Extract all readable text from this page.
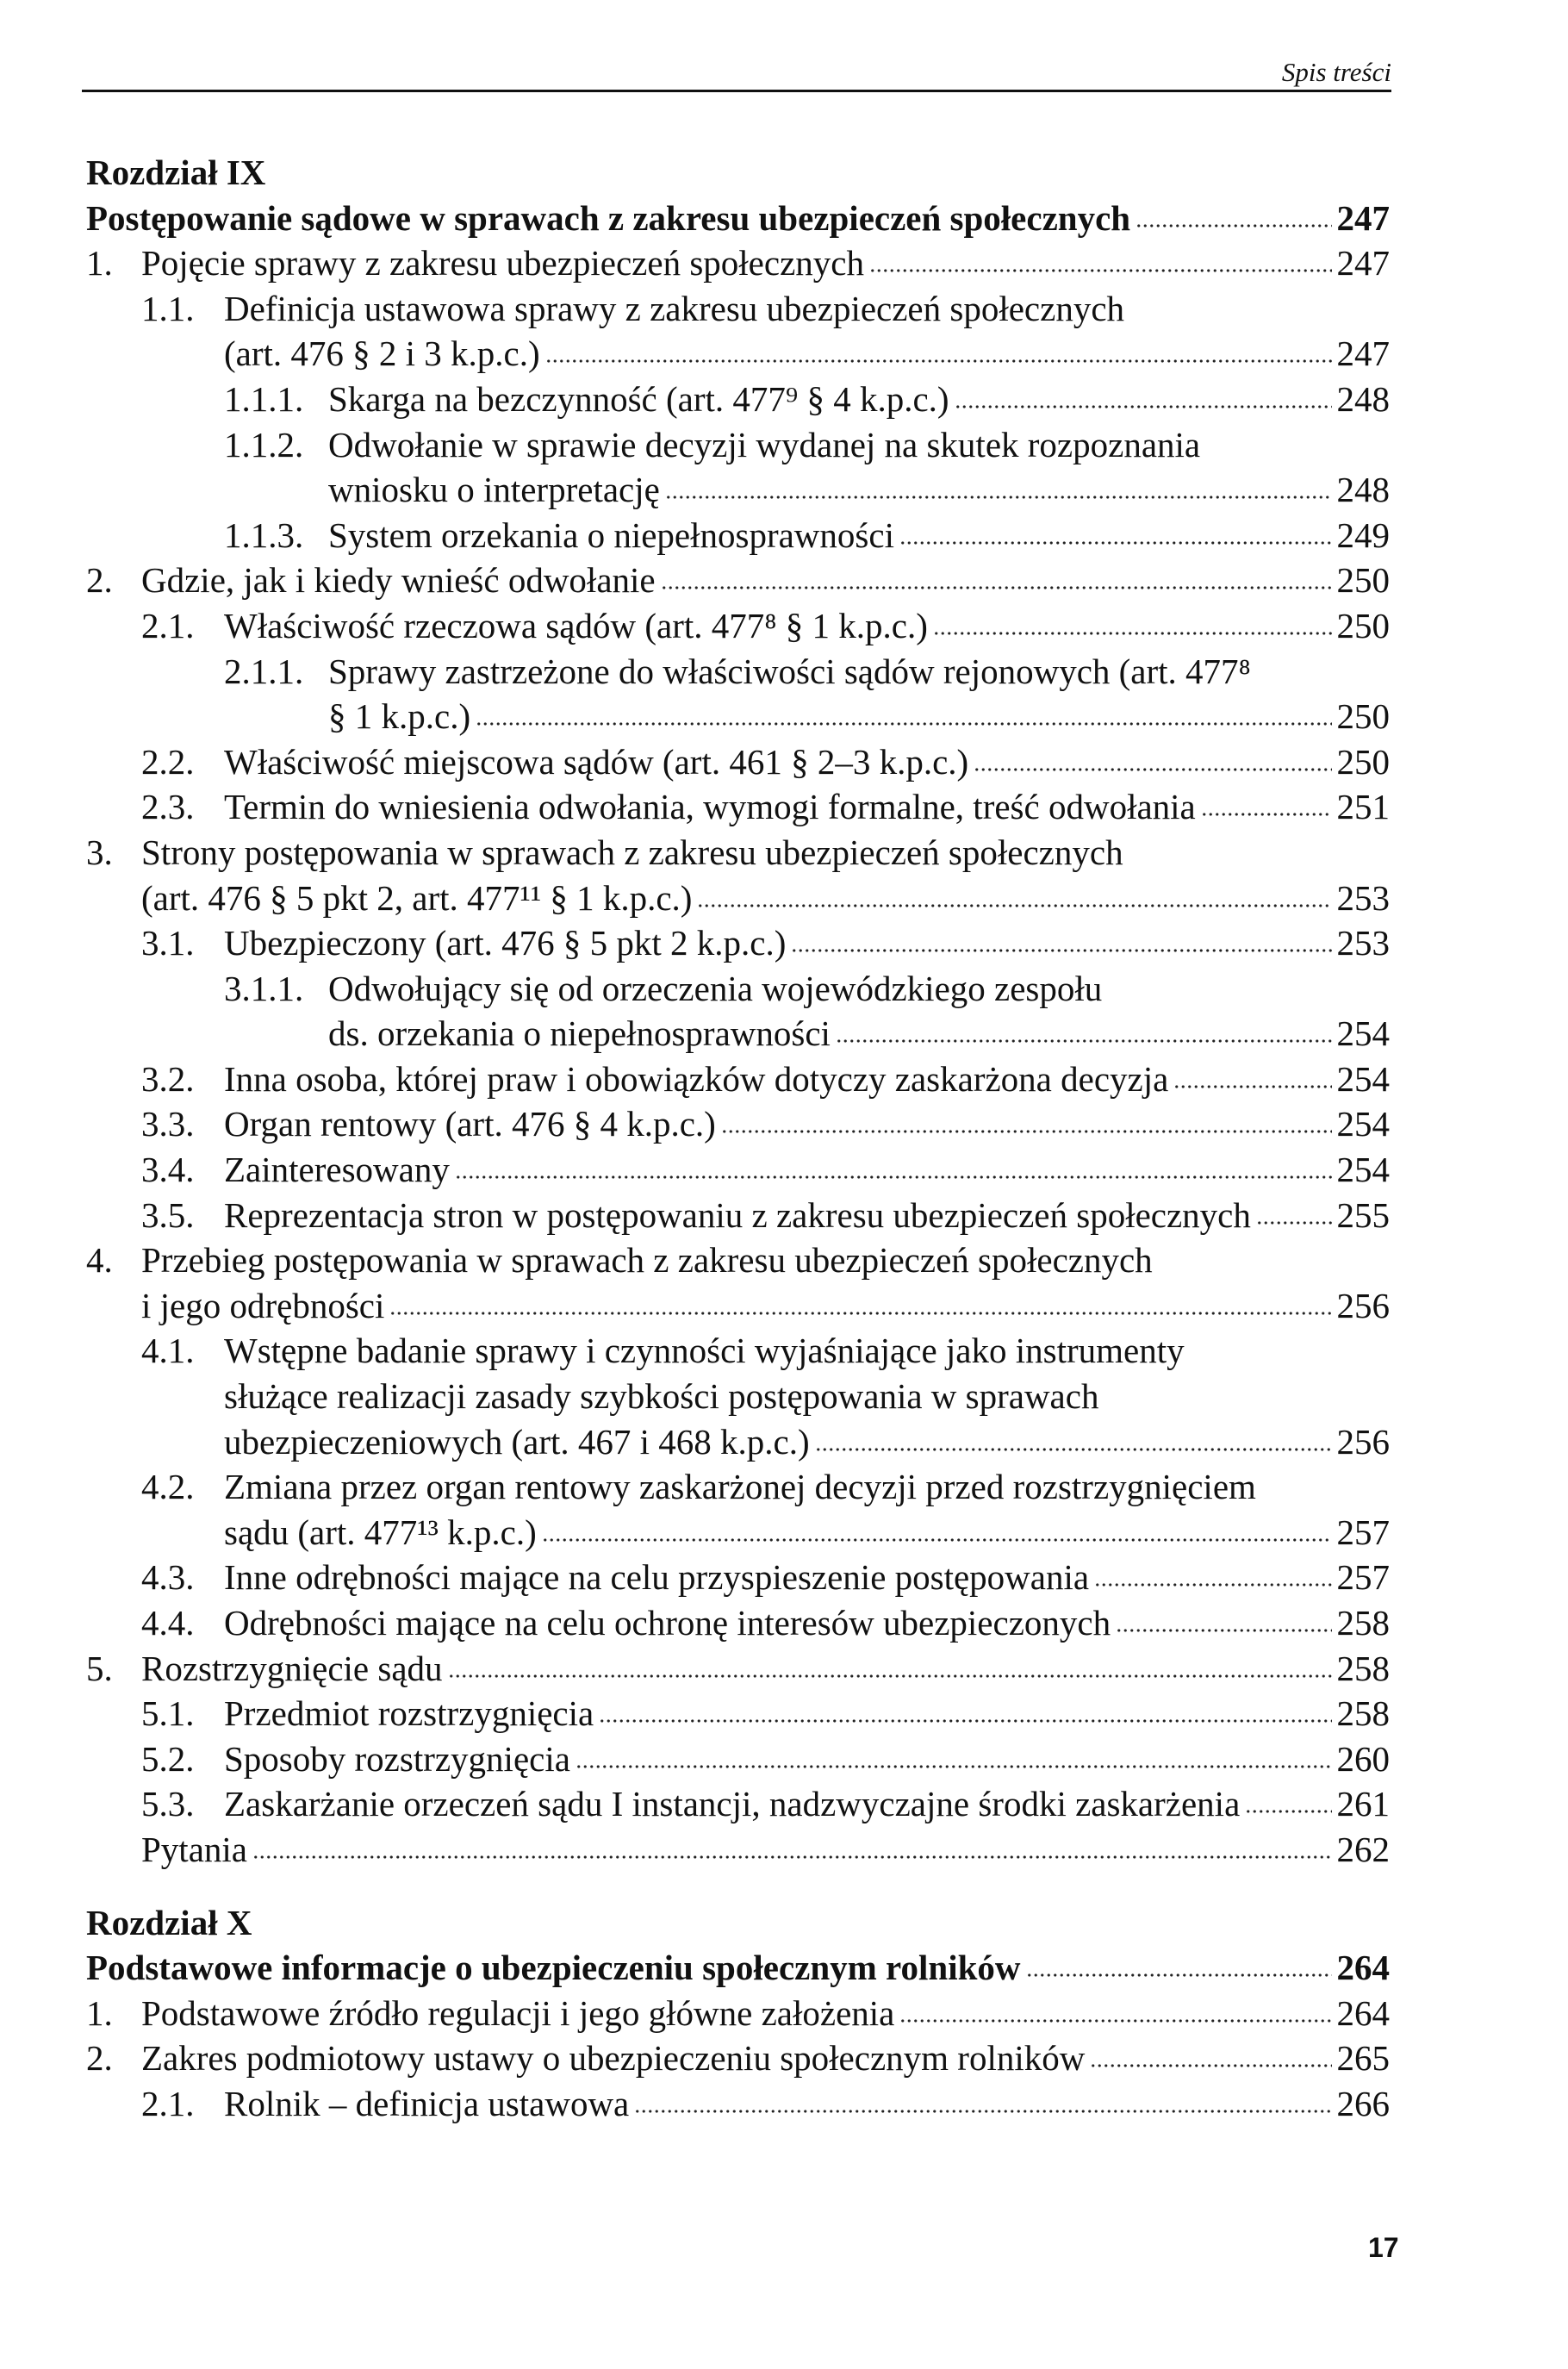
Spis treści
Rozdział IX
Postępowanie sądowe w sprawach z zakresu ubezpieczeń społecznych	247
1. Pojęcie sprawy z zakresu ubezpieczeń społecznych	247
1.1. Definicja ustawowa sprawy z zakresu ubezpieczeń społecznych
(art. 476 § 2 i 3 k.p.c.)	247
1.1.1. Skarga na bezczynność (art. 477⁹ § 4 k.p.c.)	248
1.1.2. Odwołanie w sprawie decyzji wydanej na skutek rozpoznania
wniosku o interpretację	248
1.1.3. System orzekania o niepełnosprawności	249
2. Gdzie, jak i kiedy wnieść odwołanie	250
2.1. Właściwość rzeczowa sądów (art. 477⁸ § 1 k.p.c.)	250
2.1.1. Sprawy zastrzeżone do właściwości sądów rejonowych (art. 477⁸
§ 1 k.p.c.)	250
2.2. Właściwość miejscowa sądów (art. 461 § 2–3 k.p.c.)	250
2.3. Termin do wniesienia odwołania, wymogi formalne, treść odwołania	251
3. Strony postępowania w sprawach z zakresu ubezpieczeń społecznych
(art. 476 § 5 pkt 2, art. 477¹¹ § 1 k.p.c.)	253
3.1. Ubezpieczony (art. 476 § 5 pkt 2 k.p.c.)	253
3.1.1. Odwołujący się od orzeczenia wojewódzkiego zespołu
ds. orzekania o niepełnosprawności	254
3.2. Inna osoba, której praw i obowiązków dotyczy zaskarżona decyzja	254
3.3. Organ rentowy (art. 476 § 4 k.p.c.)	254
3.4. Zainteresowany	254
3.5. Reprezentacja stron w postępowaniu z zakresu ubezpieczeń społecznych 255
4. Przebieg postępowania w sprawach z zakresu ubezpieczeń społecznych
i jego odrębności	256
4.1. Wstępne badanie sprawy i czynności wyjaśniające jako instrumenty
służące realizacji zasady szybkości postępowania w sprawach
ubezpieczeniowych (art. 467 i 468 k.p.c.)	256
4.2. Zmiana przez organ rentowy zaskarżonej decyzji przed rozstrzygnięciem
sądu (art. 477¹³ k.p.c.)	257
4.3. Inne odrębności mające na celu przyspieszenie postępowania	257
4.4. Odrębności mające na celu ochronę interesów ubezpieczonych	258
5. Rozstrzygnięcie sądu	258
5.1. Przedmiot rozstrzygnięcia	258
5.2. Sposoby rozstrzygnięcia	260
5.3. Zaskarżanie orzeczeń sądu I instancji, nadzwyczajne środki zaskarżenia	261
Pytania	262
Rozdział X
Podstawowe informacje o ubezpieczeniu społecznym rolników	264
1. Podstawowe źródło regulacji i jego główne założenia	264
2. Zakres podmiotowy ustawy o ubezpieczeniu społecznym rolników	265
2.1. Rolnik – definicja ustawowa	266
17
